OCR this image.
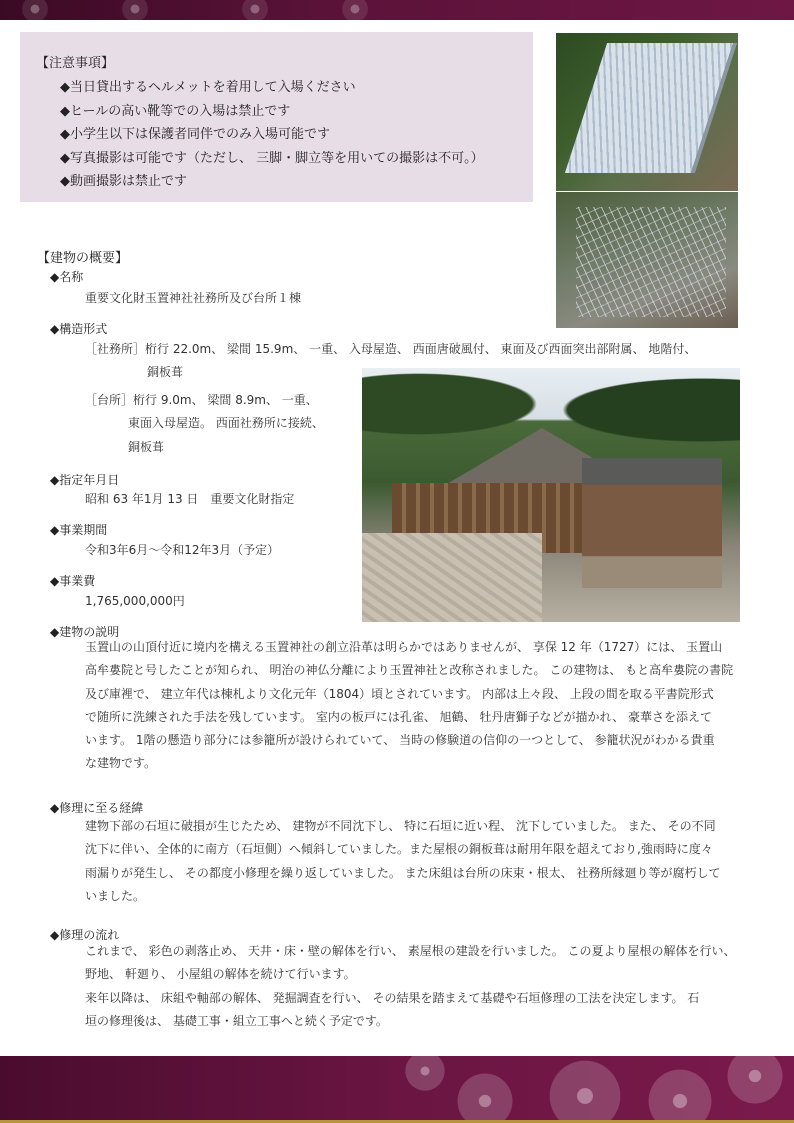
【注意事項】
◆当日貸出するヘルメットを着用して入場ください
◆ヒールの高い靴等での入場は禁止です
◆小学生以下は保護者同伴でのみ入場可能です
◆写真撮影は可能です（ただし、 三脚・脚立等を用いての撮影は不可。）
◆動画撮影は禁止です
【建物の概要】
◆名称
重要文化財玉置神社社務所及び台所１棟
◆構造形式
［社務所］桁行 22.0m、 梁間 15.9m、 一重、 入母屋造、 西面唐破風付、 東面及び西面突出部附属、 地階付、
銅板葺
［台所］桁行 9.0m、 梁間 8.9m、 一重、
東面入母屋造。 西面社務所に接続、
銅板葺
◆指定年月日
昭和 63 年1月 13 日　重要文化財指定
◆事業期間
令和3年6月～令和12年3月（予定）
◆事業費
1,765,000,000円
◆建物の説明
玉置山の山頂付近に境内を構える玉置神社の創立沿革は明らかではありませんが、 享保 12 年（1727）には、 玉置山
高牟婁院と号したことが知られ、 明治の神仏分離により玉置神社と改称されました。 この建物は、 もと高牟婁院の書院
及び庫裡で、 建立年代は棟札より文化元年（1804）頃とされています。 内部は上々段、 上段の間を取る平書院形式
で随所に洗練された手法を残しています。 室内の板戸には孔雀、 旭鶴、 牡丹唐獅子などが描かれ、 豪華さを添えて
います。 1階の懸造り部分には参籠所が設けられていて、 当時の修験道の信仰の一つとして、 参籠状況がわかる貴重
な建物です。
◆修理に至る経緯
建物下部の石垣に破損が生じたため、 建物が不同沈下し、 特に石垣に近い程、 沈下していました。 また、 その不同
沈下に伴い、全体的に南方（石垣側）へ傾斜していました。また屋根の銅板葺は耐用年限を超えており,強雨時に度々
雨漏りが発生し、 その都度小修理を繰り返していました。 また床組は台所の床束・根太、 社務所縁廻り等が腐朽して
いました。
◆修理の流れ
これまで、 彩色の剥落止め、 天井・床・壁の解体を行い、 素屋根の建設を行いました。 この夏より屋根の解体を行い、
野地、 軒廻り、 小屋組の解体を続けて行います。
来年以降は、 床組や軸部の解体、 発掘調査を行い、 その結果を踏まえて基礎や石垣修理の工法を決定します。 石
垣の修理後は、 基礎工事・組立工事へと続く予定です。
